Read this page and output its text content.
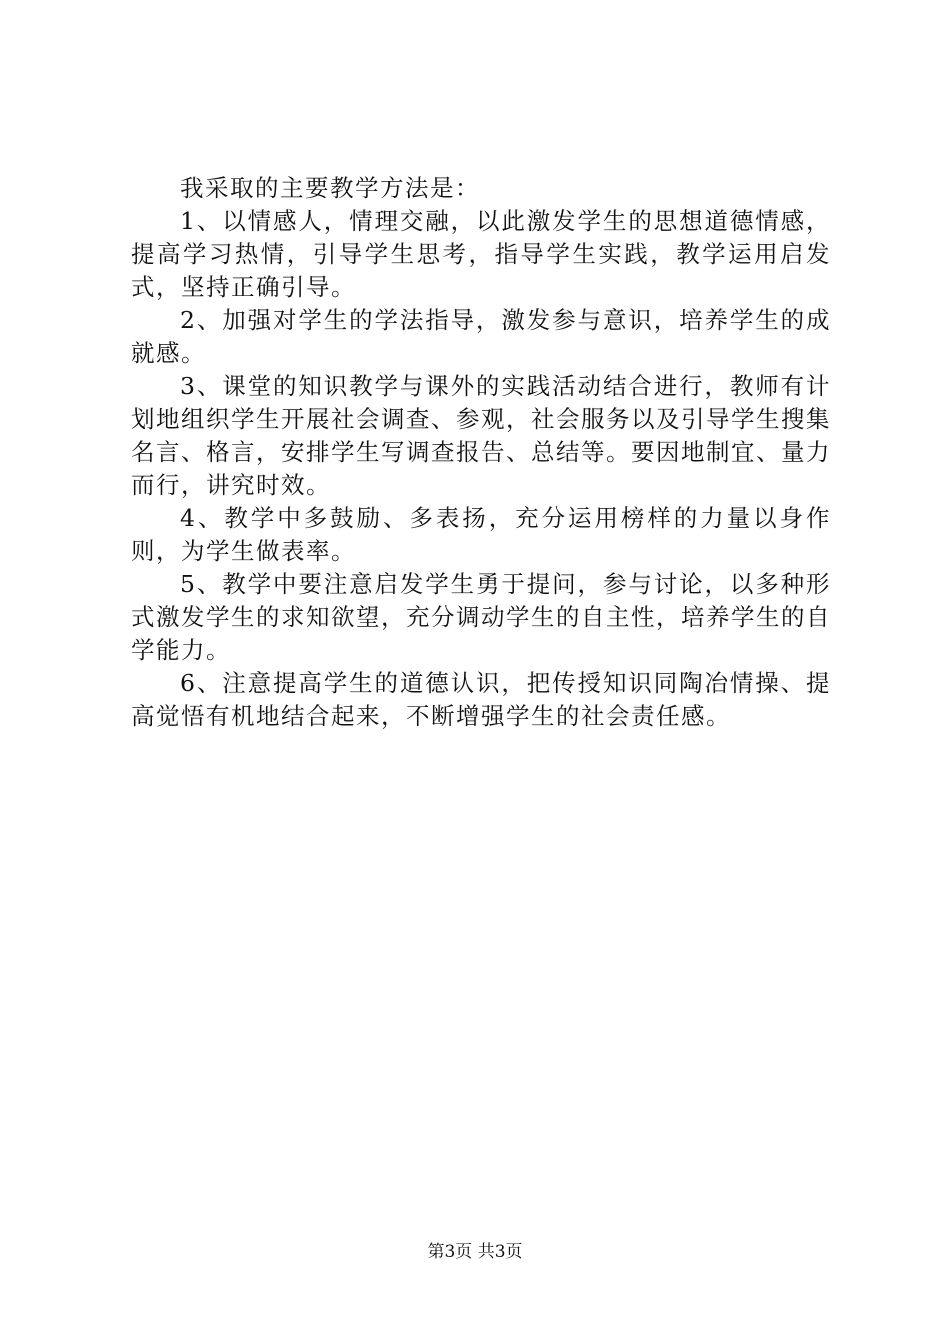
我采取的主要教学方法是：

1、以情感人，情理交融，以此激发学生的思想道德情感，提高学习热情，引导学生思考，指导学生实践，教学运用启发式，坚持正确引导。

2、加强对学生的学法指导，激发参与意识，培养学生的成就感。

3、课堂的知识教学与课外的实践活动结合进行，教师有计划地组织学生开展社会调查、参观，社会服务以及引导学生搜集名言、格言，安排学生写调查报告、总结等。要因地制宜、量力而行，讲究时效。

4、教学中多鼓励、多表扬，充分运用榜样的力量以身作则，为学生做表率。

5、教学中要注意启发学生勇于提问，参与讨论，以多种形式激发学生的求知欲望，充分调动学生的自主性，培养学生的自学能力。

6、注意提高学生的道德认识，把传授知识同陶冶情操、提高觉悟有机地结合起来，不断增强学生的社会责任感。

第3页 共3页
